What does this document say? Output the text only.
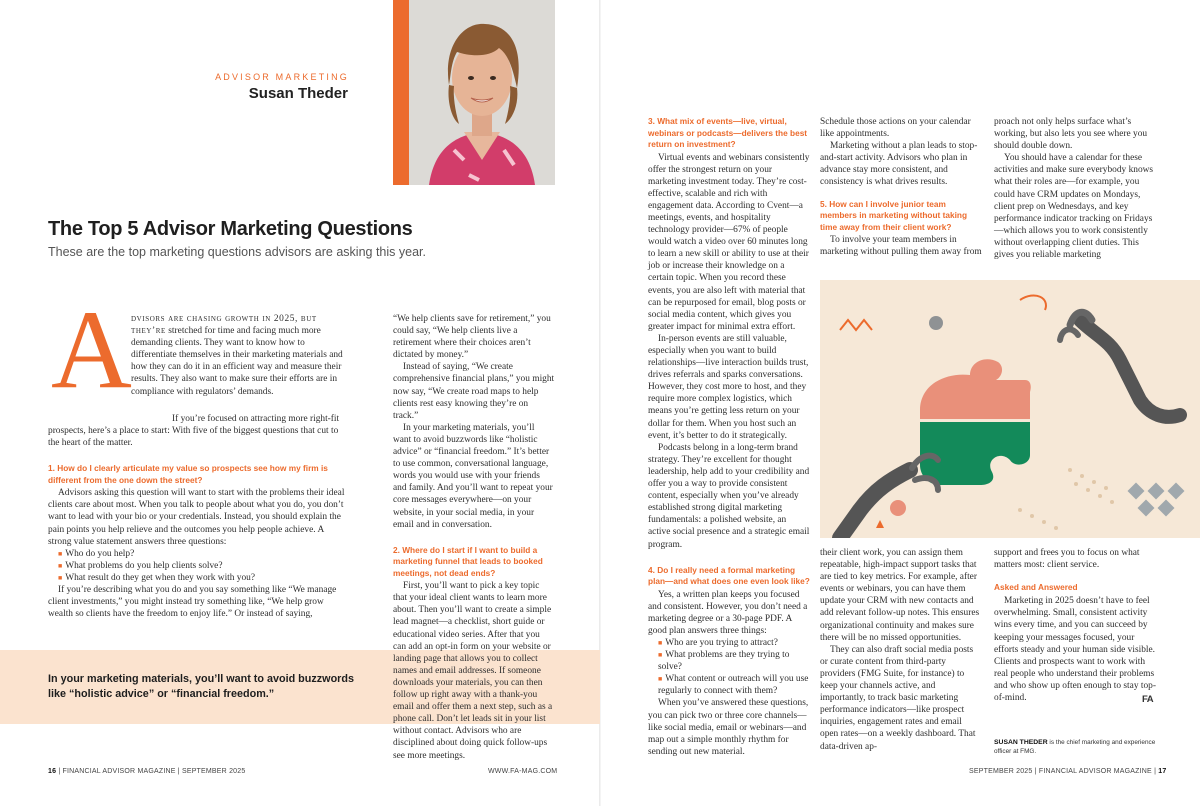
ADVISOR MARKETING
Susan Theder
The Top 5 Advisor Marketing Questions
These are the top marketing questions advisors are asking this year.
A dvisors are chasing growth in 2025, but they’re stretched for time and facing much more demanding clients. They want to know how to differentiate themselves in their marketing materials and how they can do it in an efficient way and measure their results. They also want to make sure their efforts are in compliance with regulators’ demands.

If you’re focused on attracting more right-fit prospects, here’s a place to start: With five of the biggest questions that cut to the heart of the matter.

1. How do I clearly articulate my value so prospects see how my firm is different from the one down the street?

Advisors asking this question will want to start with the problems their ideal clients care about most. When you talk to people about what you do, you don’t want to lead with your bio or your credentials. Instead, you should explain the pain points you help relieve and the outcomes you help people achieve. A strong value statement answers three questions:

■ Who do you help?

■ What problems do you help clients solve?

■ What result do they get when they work with you?

If you’re describing what you do and you say something like “We manage client investments,” you might instead try something like, “We help grow wealth so clients have the freedom to enjoy life.” Or instead of saying,

In your marketing materials, you’ll want to avoid buzzwords like “holistic advice” or “financial freedom.”

“We help clients save for retirement,” you could say, “We help clients live a retirement where their choices aren’t dictated by money.”

Instead of saying, “We create comprehensive financial plans,” you might now say, “We create road maps to help clients rest easy knowing they’re on track.”

In your marketing materials, you’ll want to avoid buzzwords like “holistic advice” or “financial freedom.” It’s better to use common, conversational language, words you would use with your friends and family. And you’ll want to repeat your core messages everywhere—on your website, in your social media, in your email and in conversation.

2. Where do I start if I want to build a marketing funnel that leads to booked meetings, not dead ends?

First, you’ll want to pick a key topic that your ideal client wants to learn more about. Then you’ll want to create a simple lead magnet—a checklist, short guide or educational video series. After that you can add an opt-in form on your website or landing page that allows you to collect names and email addresses. If someone downloads your materials, you can then follow up right away with a thank-you email and offer them a next step, such as a phone call. Don’t let leads sit in your list without contact. Advisors who are disciplined about doing quick follow-ups see more meetings.

3. What mix of events—live, virtual, webinars or podcasts—delivers the best return on investment?

Virtual events and webinars consistently offer the strongest return on your marketing investment today. They’re cost-effective, scalable and rich with engagement data. According to Cvent—a meetings, events, and hospitality technology provider—67% of people would watch a video over 60 minutes long to learn a new skill or ability to use at their job or increase their knowledge on a certain topic. When you record these events, you are also left with material that can be repurposed for email, blog posts or social media content, which gives you greater impact for minimal extra effort.

In-person events are still valuable, especially when you want to build relationships—live interaction builds trust, drives referrals and sparks conversations. However, they cost more to host, and they require more complex logistics, which means you’re getting less return on your dollar for them. When you host such an event, it’s better to do it strategically.

Podcasts belong in a long-term brand strategy. They’re excellent for thought leadership, help add to your credibility and offer you a way to provide consistent content, especially when you’ve already established strong digital marketing fundamentals: a polished website, an active social presence and a strategic email program.

4. Do I really need a formal marketing plan—and what does one even look like?

Yes, a written plan keeps you focused and consistent. However, you don’t need a marketing degree or a 30-page PDF. A good plan answers three things:

■ Who are you trying to attract?

■ What problems are they trying to solve?

■ What content or outreach will you use regularly to connect with them?

When you’ve answered these questions, you can pick two or three core channels—like social media, email or webinars—and map out a simple monthly rhythm for sending out new material.

Schedule those actions on your calendar like appointments.

Marketing without a plan leads to stop-and-start activity. Advisors who plan in advance stay more consistent, and consistency is what drives results.

5. How can I involve junior team members in marketing without taking time away from their client work?

To involve your team members in marketing without pulling them away from

proach not only helps surface what’s working, but also lets you see where you should double down.

You should have a calendar for these activities and make sure everybody knows what their roles are—for example, you could have CRM updates on Mondays, client prep on Wednesdays, and key performance indicator tracking on Fridays—which allows you to work consistently without overlapping client duties. This gives you reliable marketing

their client work, you can assign them repeatable, high-impact support tasks that are tied to key metrics. For example, after events or webinars, you can have them update your CRM with new contacts and add relevant follow-up notes. This ensures organizational continuity and makes sure there will be no missed opportunities.

They can also draft social media posts or curate content from third-party providers (FMG Suite, for instance) to keep your channels active, and importantly, to track basic marketing performance indicators—like prospect inquiries, engagement rates and email open rates—on a weekly dashboard. That data-driven ap-

support and frees you to focus on what matters most: client service.

Asked and Answered

Marketing in 2025 doesn’t have to feel overwhelming. Small, consistent activity wins every time, and you can succeed by keeping your messages focused, your efforts steady and your human side visible. Clients and prospects want to work with real people who understand their problems and who show up often enough to stay top-of-mind.	FA
SUSAN THEDER is the chief marketing and experience officer at FMG.
16 | FINANCIAL ADVISOR MAGAZINE | SEPTEMBER 2025	WWW.FA-MAG.COM	SEPTEMBER 2025 | FINANCIAL ADVISOR MAGAZINE | 17
